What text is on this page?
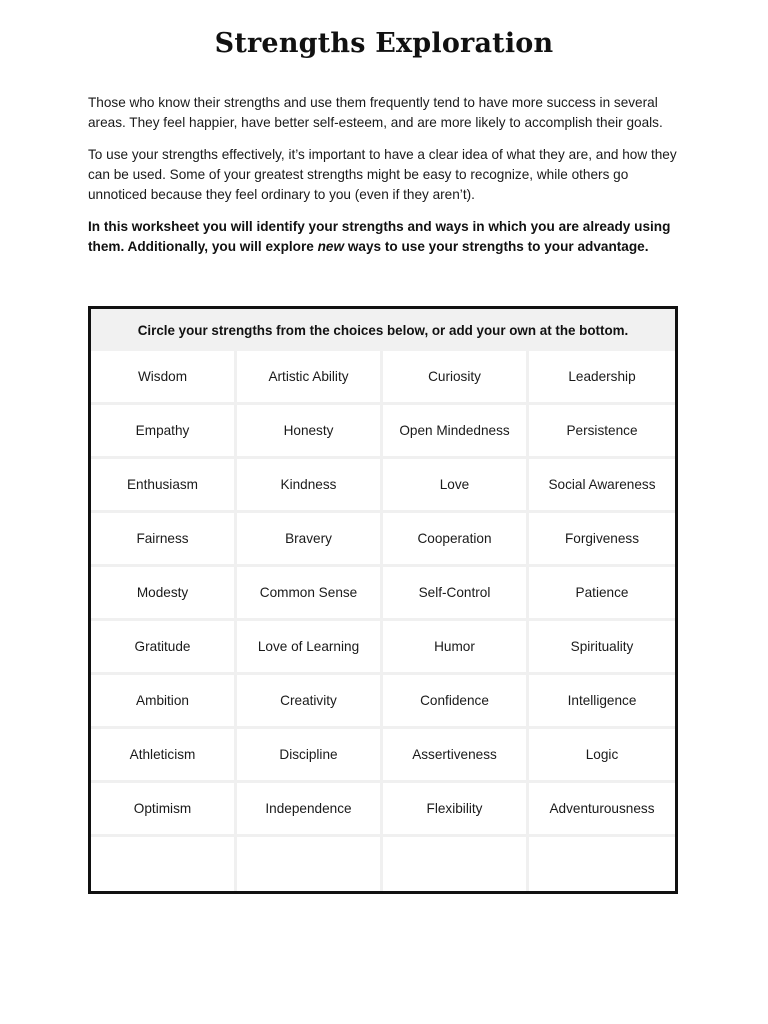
Strengths Exploration

Those who know their strengths and use them frequently tend to have more success in several areas. They feel happier, have better self-esteem, and are more likely to accomplish their goals.

To use your strengths effectively, it’s important to have a clear idea of what they are, and how they can be used. Some of your greatest strengths might be easy to recognize, while others go unnoticed because they feel ordinary to you (even if they aren’t).

In this worksheet you will identify your strengths and ways in which you are already using them. Additionally, you will explore new ways to use your strengths to your advantage.

Circle your strengths from the choices below, or add your own at the bottom.
Wisdom	Artistic Ability	Curiosity	Leadership
Empathy	Honesty	Open Mindedness	Persistence
Enthusiasm	Kindness	Love	Social Awareness
Fairness	Bravery	Cooperation	Forgiveness
Modesty	Common Sense	Self-Control	Patience
Gratitude	Love of Learning	Humor	Spirituality
Ambition	Creativity	Confidence	Intelligence
Athleticism	Discipline	Assertiveness	Logic
Optimism	Independence	Flexibility	Adventurousness
